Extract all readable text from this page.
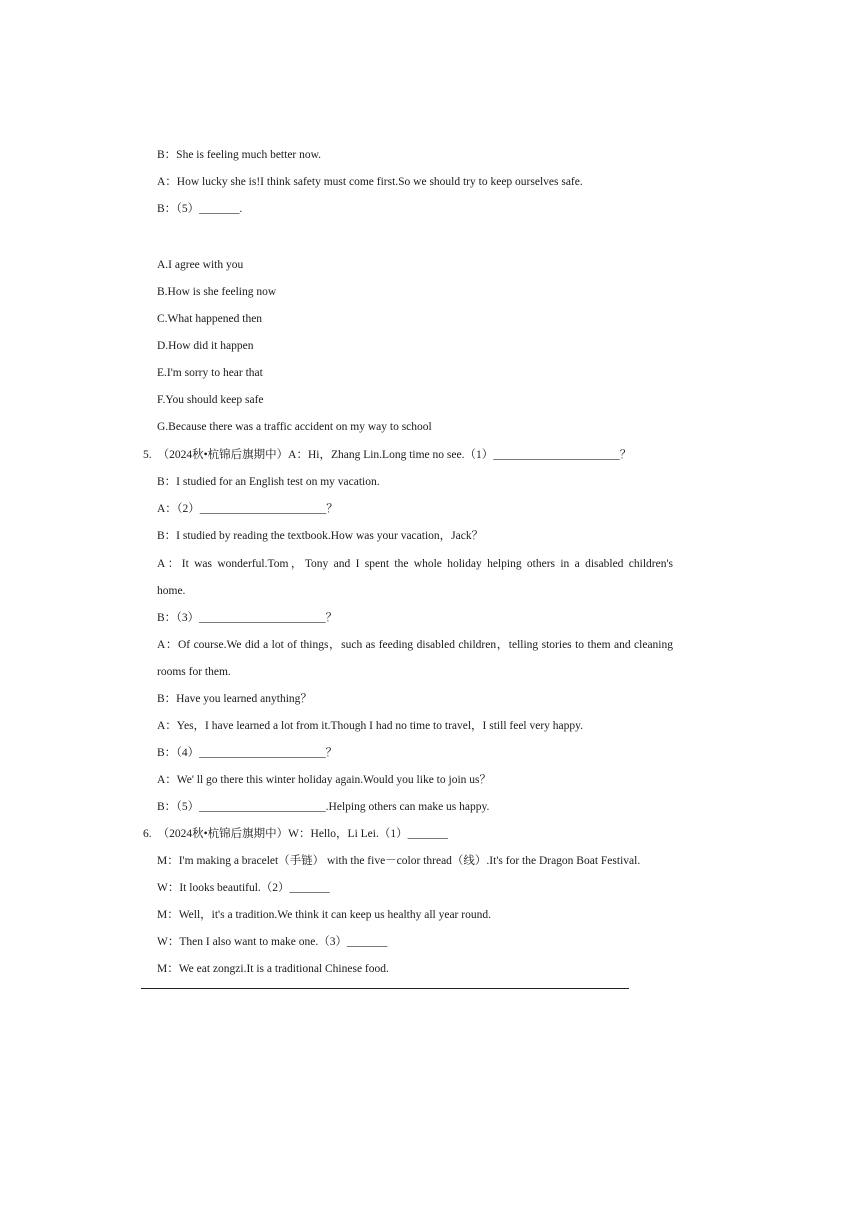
B：She is feeling much better now.
A：How lucky she is!I think safety must come first.So we should try to keep ourselves safe.
B：（5）_______.
A.I agree with you
B.How is she feeling now
C.What happened then
D.How did it happen
E.I'm sorry to hear that
F.You should keep safe
G.Because there was a traffic accident on my way to school
5. （2024秋•杭锦后旗期中）A：Hi，Zhang Lin.Long time no see.（1）______________________？
B：I studied for an English test on my vacation.
A：（2）______________________？
B：I studied by reading the textbook.How was your vacation，Jack？
A：It was wonderful.Tom，Tony and I spent the whole holiday helping others in a disabled children's
home.
B：（3）______________________？
A：Of course.We did a lot of things，such as feeding disabled children，telling stories to them and cleaning
rooms for them.
B：Have you learned anything？
A：Yes，I have learned a lot from it.Though I had no time to travel，I still feel very happy.
B：（4）______________________？
A：We' ll go there this winter holiday again.Would you like to join us？
B：（5）______________________.Helping others can make us happy.
6. （2024秋•杭锦后旗期中）W：Hello，Li Lei.（1）_______
M：I'm making a bracelet（手链） with the five－color thread（线）.It's for the Dragon Boat Festival.
W：It looks beautiful.（2）_______
M：Well，it's a tradition.We think it can keep us healthy all year round.
W：Then I also want to make one.（3）_______
M：We eat zongzi.It is a traditional Chinese food.
